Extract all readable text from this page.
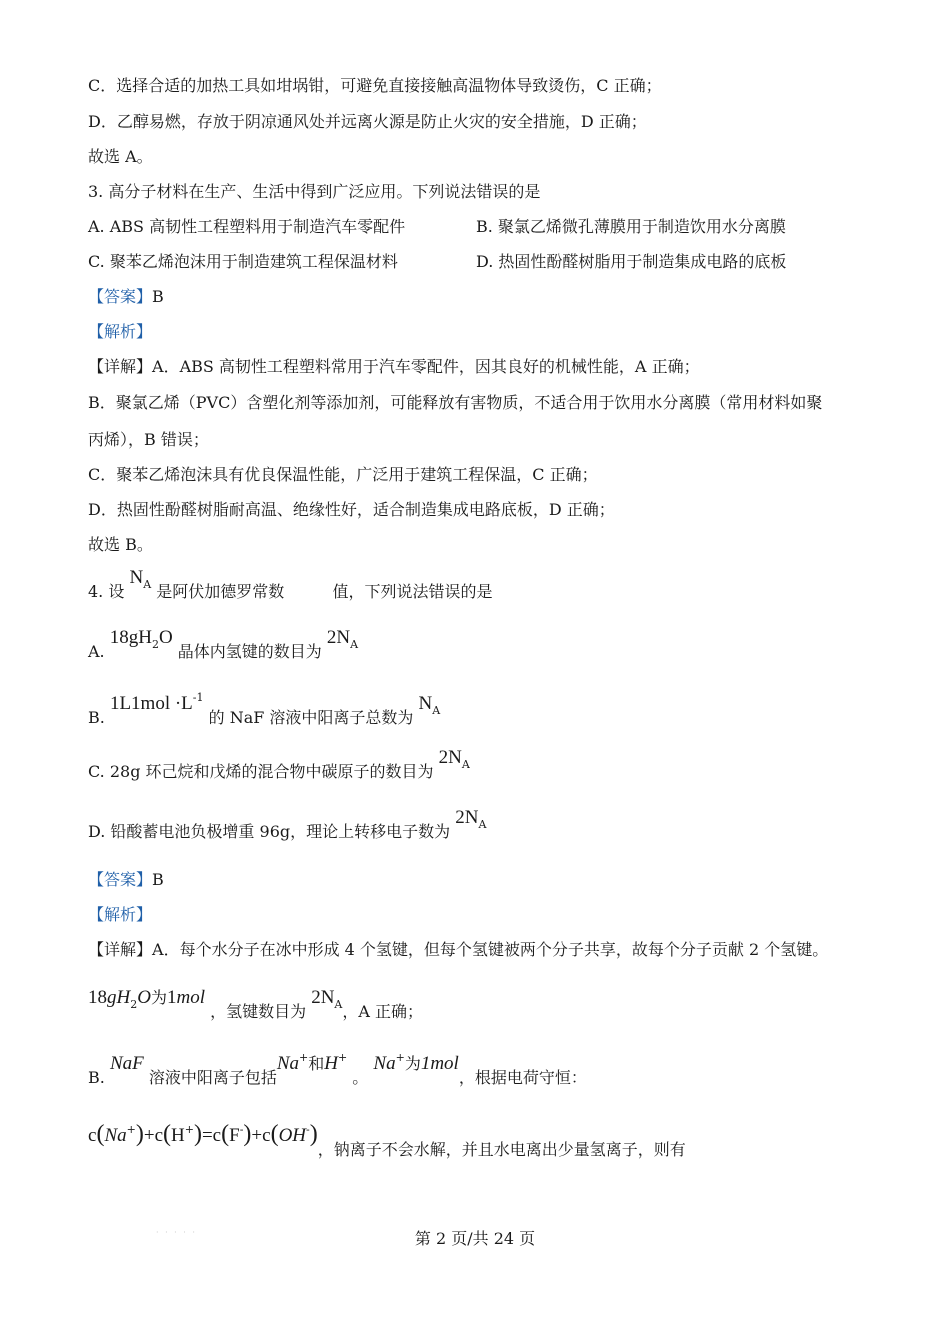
C．选择合适的加热工具如坩埚钳，可避免直接接触高温物体导致烫伤，C 正确；
D．乙醇易燃，存放于阴凉通风处并远离火源是防止火灾的安全措施，D 正确；
故选 A。
3. 高分子材料在生产、生活中得到广泛应用。下列说法错误的是
A. ABS 高韧性工程塑料用于制造汽车零配件	B. 聚氯乙烯微孔薄膜用于制造饮用水分离膜
C. 聚苯乙烯泡沫用于制造建筑工程保温材料	D. 热固性酚醛树脂用于制造集成电路的底板
【答案】B
【解析】
【详解】A．ABS 高韧性工程塑料常用于汽车零配件，因其良好的机械性能，A 正确；
B．聚氯乙烯（PVC）含塑化剂等添加剂，可能释放有害物质，不适合用于饮用水分离膜（常用材料如聚
丙烯），B 错误；
C．聚苯乙烯泡沫具有优良保温性能，广泛用于建筑工程保温，C 正确；
D．热固性酚醛树脂耐高温、绝缘性好，适合制造集成电路底板，D 正确；
故选 B。
4. 设 $N_A$ 是阿伏加德罗常数	值，下列说法错误的是
A. $18gH_2O$ 晶体内氢键的数目为 $2N_A$
B. $1L1mol \cdot L^{-1}$ 的 NaF 溶液中阳离子总数为 $N_A$
C. 28g 环己烷和戊烯的混合物中碳原子的数目为 $2N_A$
D. 铅酸蓄电池负极增重 96g，理论上转移电子数为 $2N_A$
【答案】B
【解析】
【详解】A．每个水分子在冰中形成 4 个氢键，但每个氢键被两个分子共享，故每个分子贡献 2 个氢键。
$18gH_2O$为1mol ，氢键数目为 $2N_A$，A 正确；
B. NaF 溶液中阳离子包括Na+和H+ 。 Na+为1mol，根据电荷守恒：
c(Na+)+c(H+)=c(F-)+c(OH-)，钠离子不会水解，并且水电离出少量氢离子，则有
· · · · ·	第 2 页/共 24 页
